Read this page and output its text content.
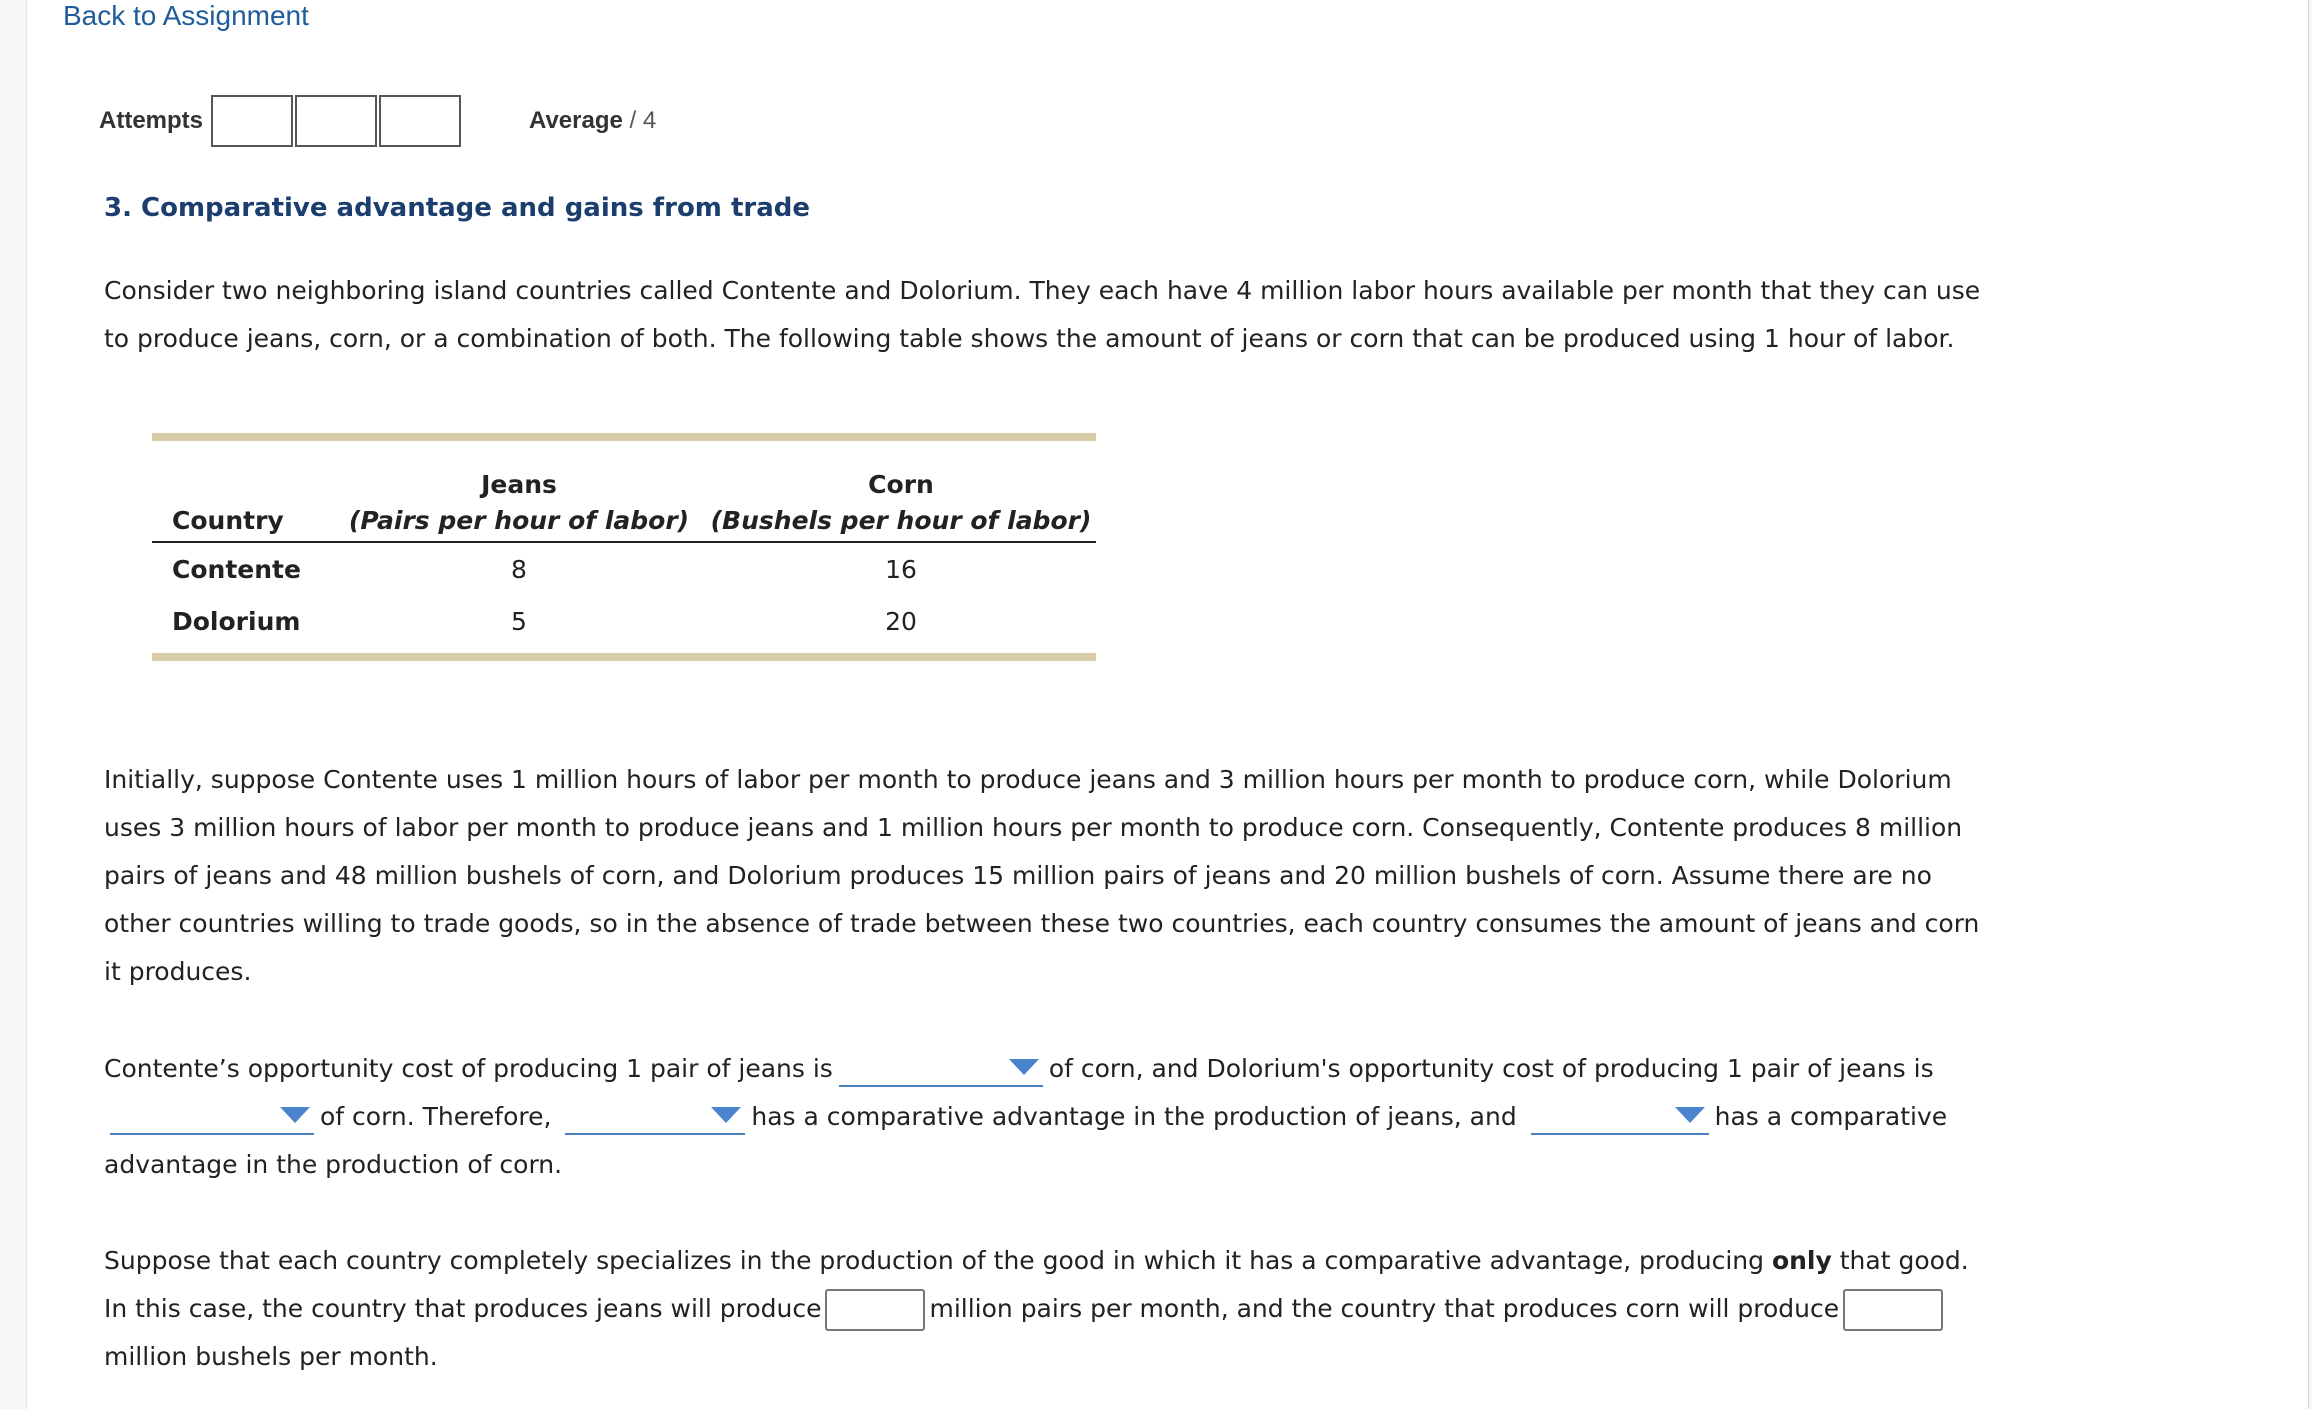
Back to Assignment
Attempts	Average / 4
3. Comparative advantage and gains from trade
Consider two neighboring island countries called Contente and Dolorium. They each have 4 million labor hours available per month that they can use to produce jeans, corn, or a combination of both. The following table shows the amount of jeans or corn that can be produced using 1 hour of labor.
	Jeans	Corn
Country	(Pairs per hour of labor)	(Bushels per hour of labor)
Contente	8	16
Dolorium	5	20
Initially, suppose Contente uses 1 million hours of labor per month to produce jeans and 3 million hours per month to produce corn, while Dolorium uses 3 million hours of labor per month to produce jeans and 1 million hours per month to produce corn. Consequently, Contente produces 8 million pairs of jeans and 48 million bushels of corn, and Dolorium produces 15 million pairs of jeans and 20 million bushels of corn. Assume there are no other countries willing to trade goods, so in the absence of trade between these two countries, each country consumes the amount of jeans and corn it produces.
Contente’s opportunity cost of producing 1 pair of jeans is	of corn, and Dolorium's opportunity cost of producing 1 pair of jeans is
of corn. Therefore,	has a comparative advantage in the production of jeans, and	has a comparative advantage in the production of corn.
Suppose that each country completely specializes in the production of the good in which it has a comparative advantage, producing only that good. In this case, the country that produces jeans will produce	million pairs per month, and the country that produces corn will produce million bushels per month.
